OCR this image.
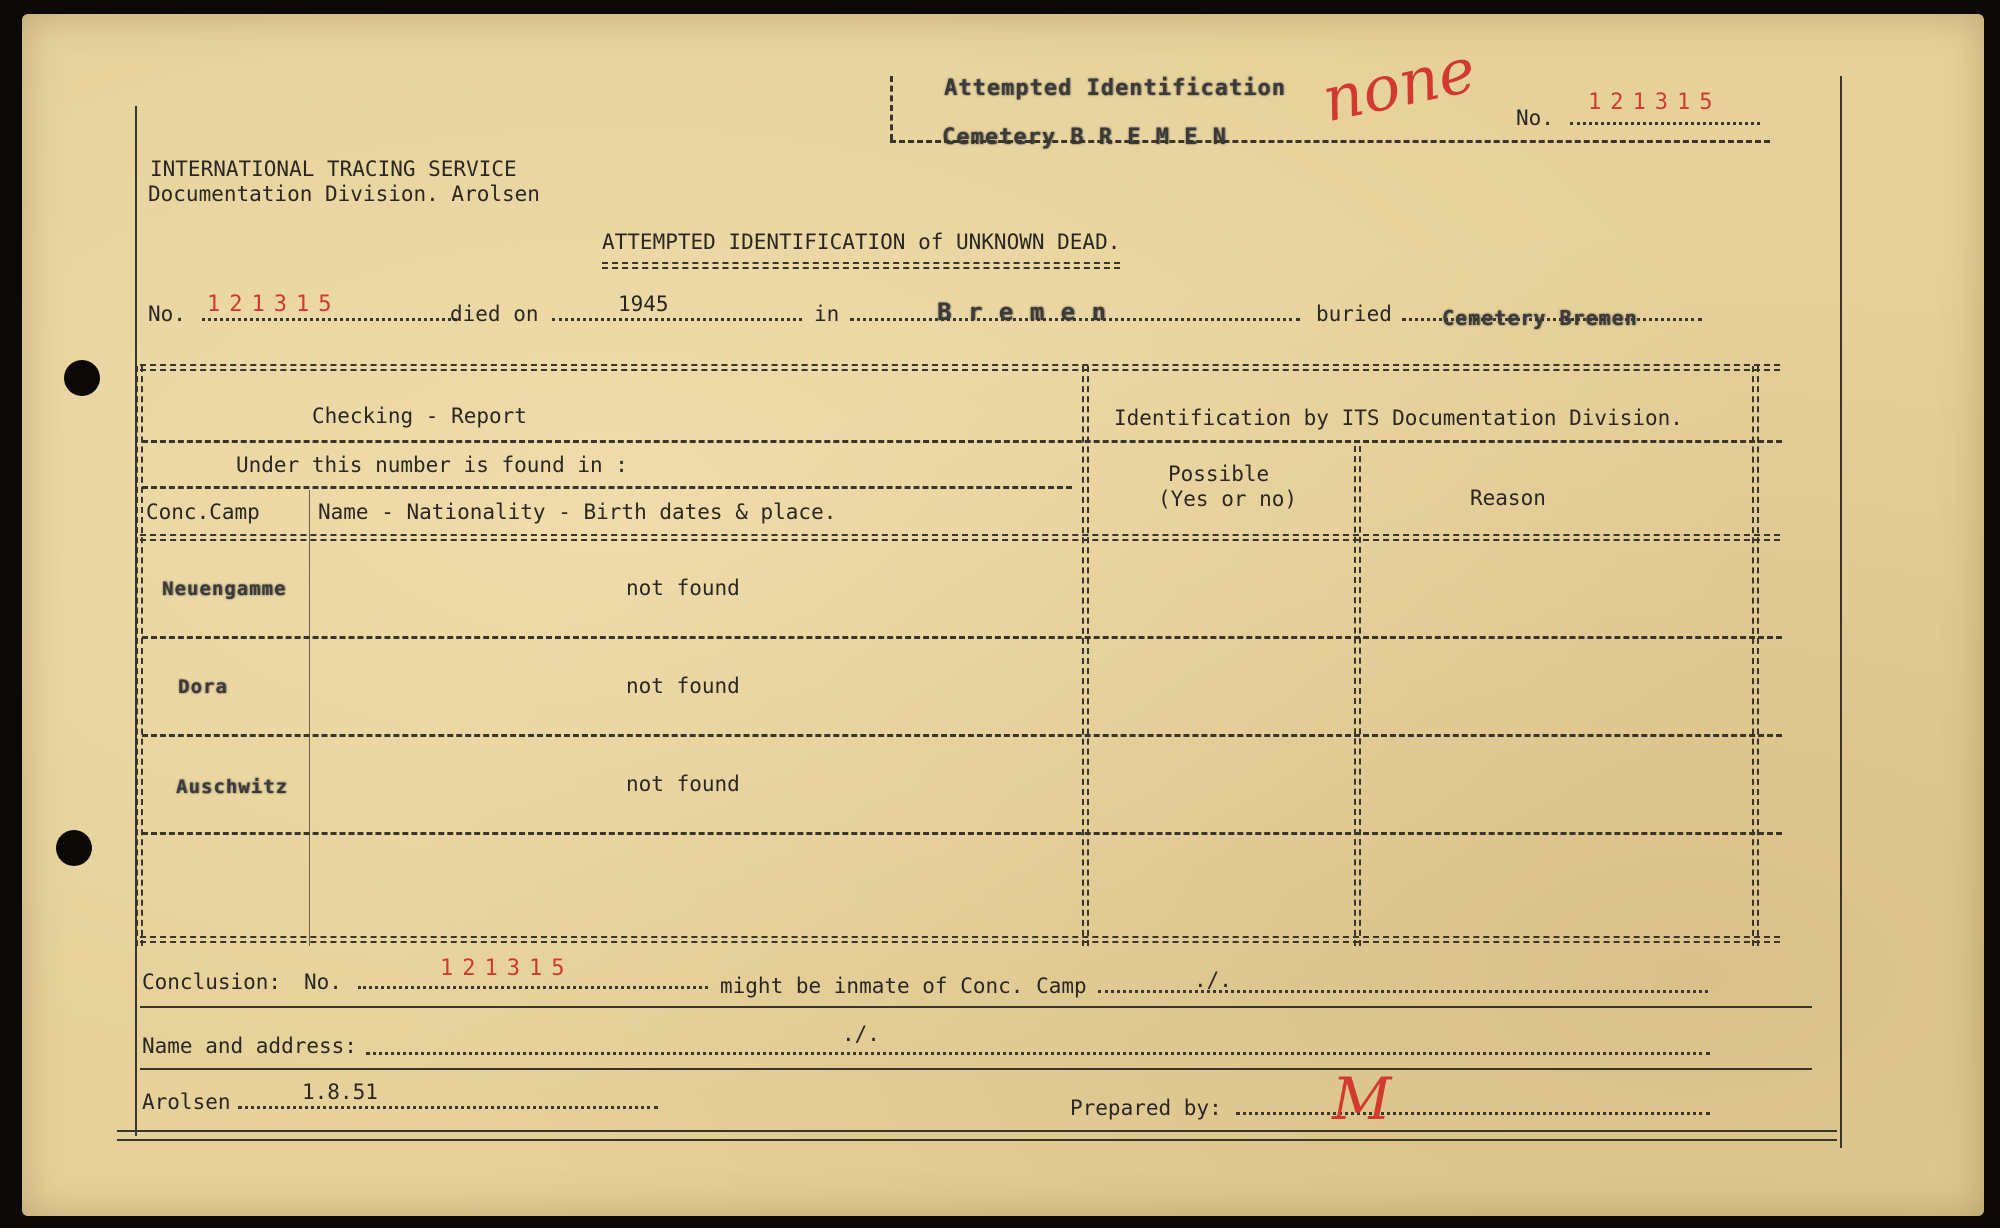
Attempted Identification
Cemetery B R E M E N
none No.
121315
INTERNATIONAL TRACING SERVICE
Documentation Division. Arolsen
ATTEMPTED IDENTIFICATION of UNKNOWN DEAD.
No. 121315	died on	1945	in	B r e m e n	buried	Cemetery Bremen
Checking - Report	Identification by ITS Documentation Division.
Under this number is found in :
Conc.Camp	Name - Nationality - Birth dates & place.
Possible
(Yes or no)	Reason
Neuengamme	not found
Dora	not found
Auschwitz	not found
Conclusion: No.
121315
might be inmate of Conc. Camp	./.
Name and address:	./.
Arolsen	1.8.51
Prepared by: M
